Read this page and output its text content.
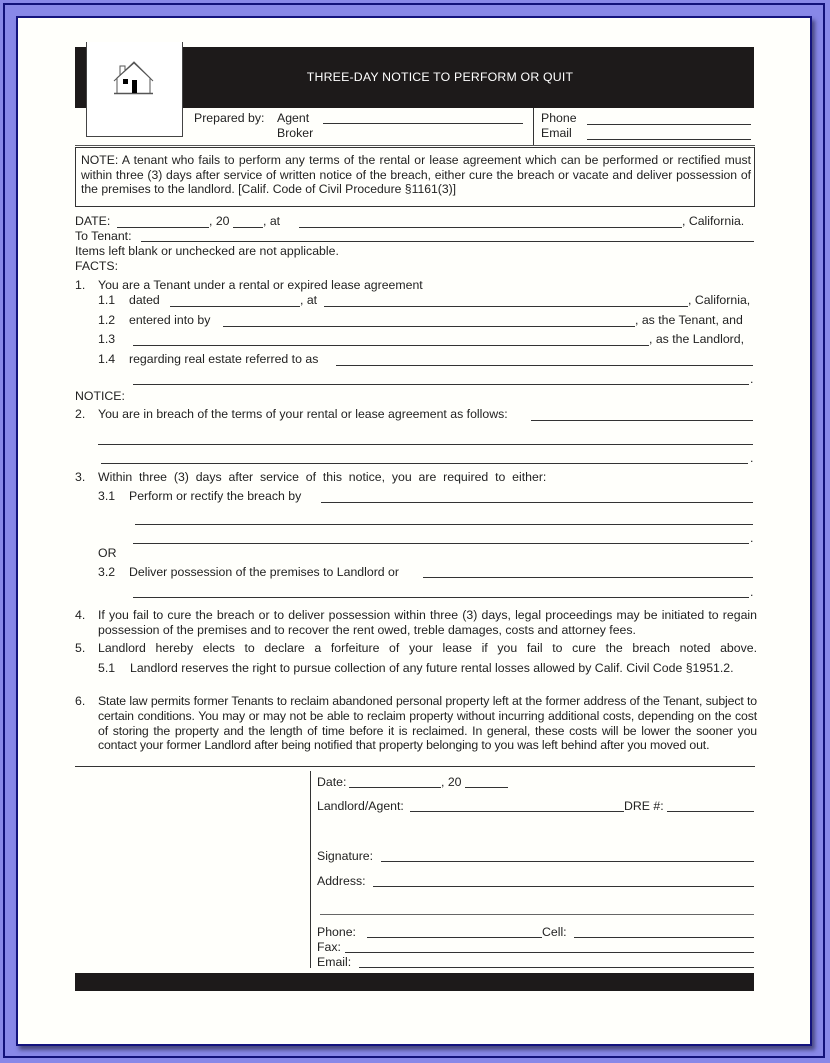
THREE-DAY NOTICE TO PERFORM OR QUIT
Prepared by: Agent
Broker
Phone
Email
NOTE: A tenant who fails to perform any terms of the rental or lease agreement which can be performed or rectified must within three (3) days after service of written notice of the breach, either cure the breach or vacate and deliver possession of the premises to the landlord. [Calif. Code of Civil Procedure §1161(3)]
DATE:	, 20	, at	, California.
To Tenant:
Items left blank or unchecked are not applicable.
FACTS:
1. You are a Tenant under a rental or expired lease agreement
1.1 dated	, at	, California,
1.2 entered into by	, as the Tenant, and
1.3	, as the Landlord,
1.4 regarding real estate referred to as
.
NOTICE:
2. You are in breach of the terms of your rental or lease agreement as follows:
.
3. Within  three  (3)  days  after  service  of  this  notice,  you  are  required  to  either:
3.1 Perform or rectify the breach by
.
OR
3.2 Deliver possession of the premises to Landlord or
.
4. If you fail to cure the breach or to deliver possession within three (3) days, legal proceedings may be initiated to regain possession of the premises and to recover the rent owed, treble damages, costs and attorney fees.
5. Landlord hereby elects to declare a forfeiture of your lease if you fail to cure the breach noted above.
5.1 Landlord reserves the right to pursue collection of any future rental losses allowed by Calif. Civil Code §1951.2.
6. State law permits former Tenants to reclaim abandoned personal property left at the former address of the Tenant, subject to certain conditions. You may or may not be able to reclaim property without incurring additional costs, depending on the cost of storing the property and the length of time before it is reclaimed. In general, these costs will be lower the sooner you contact your former Landlord after being notified that property belonging to you was left behind after you moved out.
Date:	, 20
Landlord/Agent:	DRE #:
Signature:
Address:
Phone:	Cell:
Fax:
Email:
